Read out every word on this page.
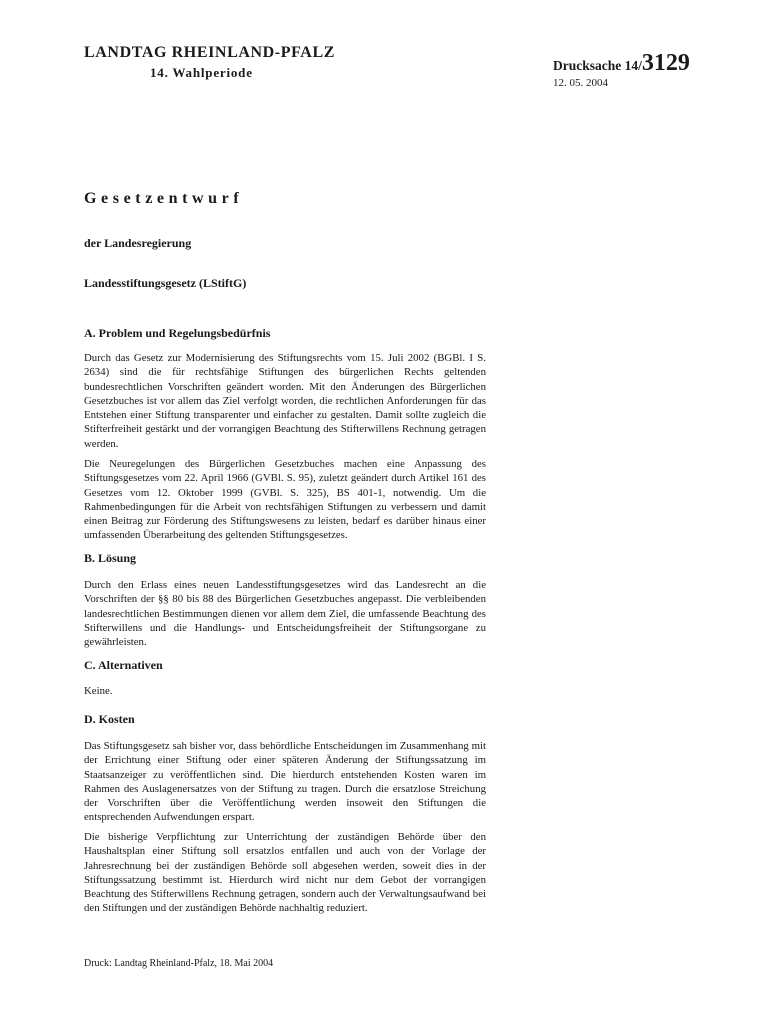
LANDTAG RHEINLAND-PFALZ
14. Wahlperiode	Drucksache 14/3129
12. 05. 2004
Gesetzentwurf
der Landesregierung
Landesstiftungsgesetz (LStiftG)
A. Problem und Regelungsbedürfnis

Durch das Gesetz zur Modernisierung des Stiftungsrechts vom 15. Juli 2002 (BGBl. I S. 2634) sind die für rechtsfähige Stiftungen des bürgerlichen Rechts geltenden bundesrechtlichen Vorschriften geändert worden. Mit den Änderungen des Bürgerlichen Gesetzbuches ist vor allem das Ziel verfolgt worden, die rechtlichen Anforderungen für das Entstehen einer Stiftung transparenter und einfacher zu gestalten. Damit sollte zugleich die Stifterfreiheit gestärkt und der vorrangigen Beachtung des Stifterwillens Rechnung getragen werden.

Die Neuregelungen des Bürgerlichen Gesetzbuches machen eine Anpassung des Stiftungsgesetzes vom 22. April 1966 (GVBl. S. 95), zuletzt geändert durch Artikel 161 des Gesetzes vom 12. Oktober 1999 (GVBl. S. 325), BS 401-1, notwendig. Um die Rahmenbedingungen für die Arbeit von rechtsfähigen Stiftungen zu verbessern und damit einen Beitrag zur Förderung des Stiftungswesens zu leisten, bedarf es darüber hinaus einer umfassenden Überarbeitung des geltenden Stiftungsgesetzes.

B. Lösung

Durch den Erlass eines neuen Landesstiftungsgesetzes wird das Landesrecht an die Vorschriften der §§ 80 bis 88 des Bürgerlichen Gesetzbuches angepasst. Die verbleibenden landesrechtlichen Bestimmungen dienen vor allem dem Ziel, die umfassende Beachtung des Stifterwillens und die Handlungs- und Entscheidungsfreiheit der Stiftungsorgane zu gewährleisten.

C. Alternativen

Keine.

D. Kosten

Das Stiftungsgesetz sah bisher vor, dass behördliche Entscheidungen im Zusammenhang mit der Errichtung einer Stiftung oder einer späteren Änderung der Stiftungssatzung im Staatsanzeiger zu veröffentlichen sind. Die hierdurch entstehenden Kosten waren im Rahmen des Auslagenersatzes von der Stiftung zu tragen. Durch die ersatzlose Streichung der Vorschriften über die Veröffentlichung werden insoweit den Stiftungen die entsprechenden Aufwendungen erspart.

Die bisherige Verpflichtung zur Unterrichtung der zuständigen Behörde über den Haushaltsplan einer Stiftung soll ersatzlos entfallen und auch von der Vorlage der Jahresrechnung bei der zuständigen Behörde soll abgesehen werden, soweit dies in der Stiftungssatzung bestimmt ist. Hierdurch wird nicht nur dem Gebot der vorrangigen Beachtung des Stifterwillens Rechnung getragen, sondern auch der Verwaltungsaufwand bei den Stiftungen und der zuständigen Behörde nachhaltig reduziert.

Druck: Landtag Rheinland-Pfalz, 18. Mai 2004
